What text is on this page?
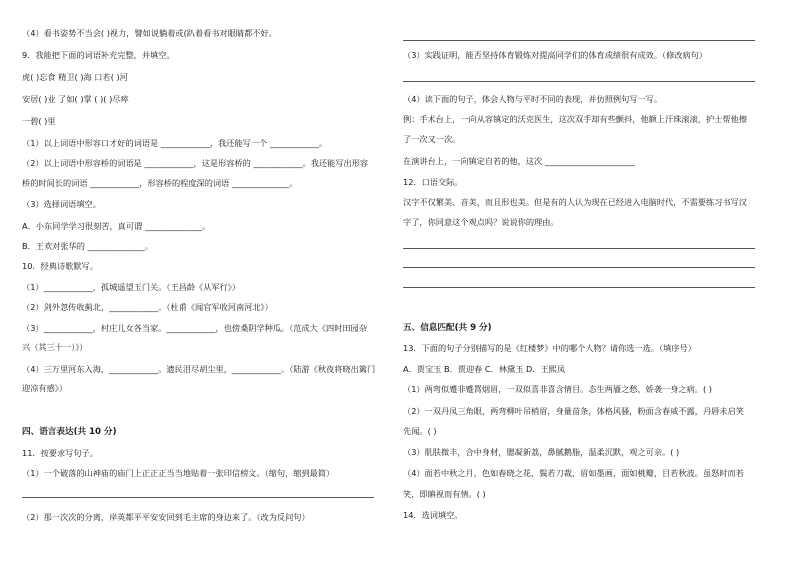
（4）看书姿势不当会( )视力，譬如说躺着或(趴着看书对眼睛都不好。
9．我能把下面的词语补充完整，并填空。
虎( )忘食 精卫( )海 口若( )河
安居( )业 了如( )掌 ( )( )尽瘁
一碧( )里
（1）以上词语中形容口才好的词语是 ____________，我还能写一个 ____________。
（2）以上词语中形容桥的词语是 ____________，这是形容桥的 ____________。我还能写出形容
桥的时间长的词语 ____________，形容桥的程度深的词语 ______________。
（3）选择词语填空。
A．小东同学学习很刻苦，真可谓 ______________。
B．王欢对张华的 ______________。
10．经典诗歌默写。
（1）____________，孤城遥望玉门关。（王昌龄《从军行》）
（2）剑外忽传收蓟北，____________。（杜甫《闻官军收河南河北》）
（3）____________，村庄儿女各当家。____________，也傍桑阴学种瓜。（范成大《四时田园杂
兴（其三十一）》）
（4）三万里河东入海，____________。遗民泪尽胡尘里，____________。（陆游《秋夜将晓出篱门
迎凉有感》）
四、语言表达(共 10 分)
11．按要求写句子。
（1）一个破落的山神庙的庙门上正正正当当地贴着一张印信榜文。（缩句，缩到最简）
（2）那一次次的分离，岸英都平平安安回到毛主席的身边来了。（改为反问句）
（3）实践证明，能否坚持体育锻炼对提高同学们的体育成绩很有成效。（修改病句）
（4）读下面的句子，体会人物与平时不同的表现，并仿照例句写一写。
例：手术台上，一向从容镇定的沃克医生，这次双手却有些颤抖，他额上汗珠滚滚，护士帮他擦
了一次又一次。
在演讲台上，一向镇定自若的他，这次 ______________________
12．口语交际。
汉字不仅繁美、音美，而且形也美。但是有的人认为现在已经进入电脑时代，不需要练习书写汉
字了，你同意这个观点吗？说说你的理由。
五、信息匹配(共 9 分)
13．下面的句子分别描写的是《红楼梦》中的哪个人物？请你选一选。（填序号）
A．贾宝玉 B．贾迎春 C．林黛玉 D．王熙凤
（1）两弯似蹙非蹙罥烟眉，一双似喜非喜含情目。态生两靥之愁，娇袭一身之病。( )
（2）一双丹凤三角眼，两弯柳叶吊梢眉，身量苗条，体格风骚，粉面含春威不露，丹唇未启笑
先闻。( )
（3）肌肤微丰，合中身材，腮凝新荔，鼻腻鹅脂，温柔沉默，观之可亲。( )
（4）面若中秋之月，色如春晓之花，鬓若刀裁，眉如墨画，面如桃瓣，目若秋波。虽怒时而若
笑，即瞋视而有情。( )
14．选词填空。
